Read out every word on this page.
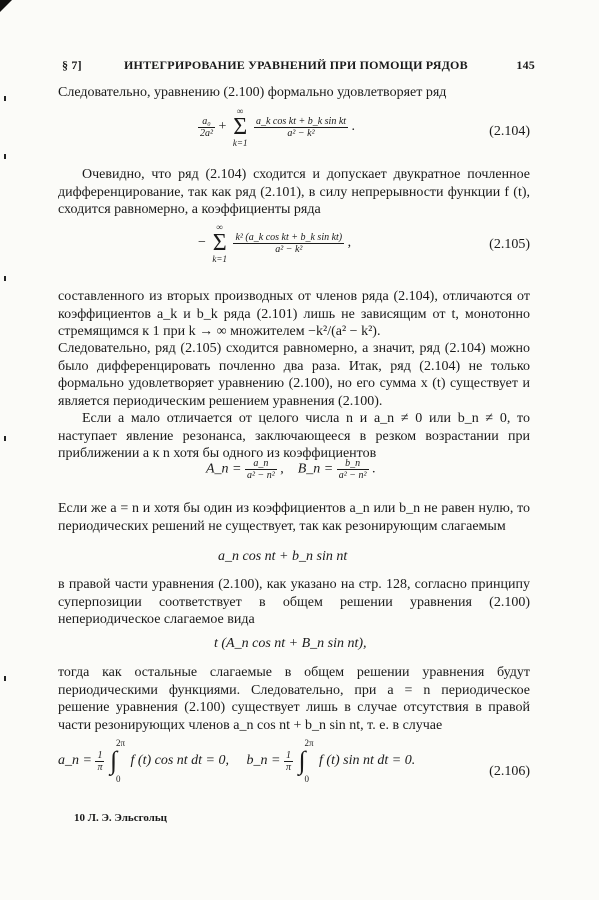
§ 7]	ИНТЕГРИРОВАНИЕ УРАВНЕНИЙ ПРИ ПОМОЩИ РЯДОВ	145

Следовательно, уравнению (2.100) формально удовлетворяет ряд

$\frac{\text{a₀}}{\text{2a²}}$ +
∞
Σ
k=1

$\frac{\text{a\_k cos kt + b\_k sin kt}}{\text{a² − k²}}$ .	(2.104)

Очевидно, что ряд (2.104) сходится и допускает двукратное почленное дифференцирование, так как ряд (2.101), в силу непрерывности функции f (t), сходится равномерно, а коэффициенты ряда

−
∞
Σ
k=1

$\frac{\text{k² (a\_k cos kt + b\_k sin kt)}}{\text{a² − k²}}$ ,	(2.105)

составленного из вторых производных от членов ряда (2.104), отличаются от коэффициентов a_k и b_k ряда (2.101) лишь не зависящим от t, монотонно стремящимся к 1 при k → ∞ множителем −k²/(a² − k²).

Следовательно, ряд (2.105) сходится равномерно, а значит, ряд (2.104) можно было дифференцировать почленно два раза. Итак, ряд (2.104) не только формально удовлетворяет уравнению (2.100), но его сумма x (t) существует и является периодическим решением уравнения (2.100).

Если a мало отличается от целого числа n и a_n ≠ 0 или b_n ≠ 0, то наступает явление резонанса, заключающееся в резком возрастании при приближении a к n хотя бы одного из коэффициентов

A_n = $\frac{a\_n}{\text{a² − n²}}$ , B_n = $\frac{b\_n}{\text{a² − n²}}$ .

Если же a = n и хотя бы один из коэффициентов a_n или b_n не равен нулю, то периодических решений не существует, так как резонирующим слагаемым

a_n cos nt + b_n sin nt

в правой части уравнения (2.100), как указано на стр. 128, согласно принципу суперпозиции соответствует в общем решении уравнения (2.100) непериодическое слагаемое вида

t (A_n cos nt + B_n sin nt),

тогда как остальные слагаемые в общем решении уравнения будут периодическими функциями. Следовательно, при a = n периодическое решение уравнения (2.100) существует лишь в случае отсутствия в правой части резонирующих членов a_n cos nt + b_n sin nt, т. е. в случае

a_n = $\frac{1}{\pi}$

2π
∫
0
f (t) cos nt dt = 0, b_n = $\frac{1}{\pi}$

2π
∫
0
f (t) sin nt dt = 0.
(2.106)
10 Л. Э. Эльсгольц
